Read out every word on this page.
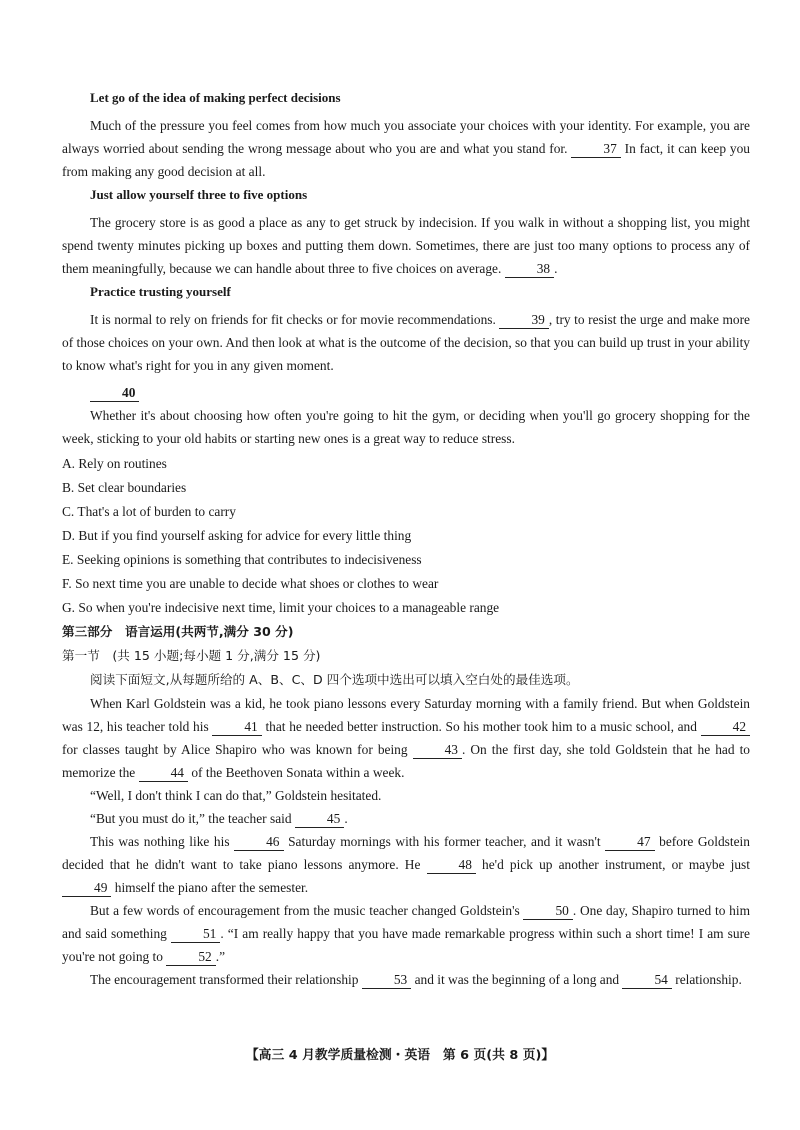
Let go of the idea of making perfect decisions

Much of the pressure you feel comes from how much you associate your choices with your identity. For example, you are always worried about sending the wrong message about who you are and what you stand for.	37 In fact, it can keep you from making any good decision at all.

Just allow yourself three to five options

The grocery store is as good a place as any to get struck by indecision. If you walk in without a shopping list, you might spend twenty minutes picking up boxes and putting them down. Sometimes, there are just too many options to process any of them meaningfully, because we can handle about three to five choices on average.	38 .

Practice trusting yourself

It is normal to rely on friends for fit checks or for movie recommendations.	39 , try to resist the urge and make more of those choices on your own. And then look at what is the outcome of the decision, so that you can build up trust in your ability to know what's right for you in any given moment.

40

Whether it's about choosing how often you're going to hit the gym, or deciding when you'll go grocery shopping for the week, sticking to your old habits or starting new ones is a great way to reduce stress.

A. Rely on routines

B. Set clear boundaries

C. That's a lot of burden to carry

D. But if you find yourself asking for advice for every little thing

E. Seeking opinions is something that contributes to indecisiveness

F. So next time you are unable to decide what shoes or clothes to wear

G. So when you're indecisive next time, limit your choices to a manageable range

第三部分　语言运用(共两节,满分 30 分)

第一节　(共 15 小题;每小题 1 分,满分 15 分)

阅读下面短文,从每题所给的 A、B、C、D 四个选项中选出可以填入空白处的最佳选项。

When Karl Goldstein was a kid, he took piano lessons every Saturday morning with a family friend. But when Goldstein was 12, his teacher told his	41 that he needed better instruction. So his mother took him to a music school, and	42 for classes taught by Alice Shapiro who was known for being	43 . On the first day, she told Goldstein that he had to memorize the	44 of the Beethoven Sonata within a week.

“Well, I don't think I can do that,” Goldstein hesitated.

“But you must do it,” the teacher said	45 .

This was nothing like his	46 Saturday mornings with his former teacher, and it wasn't	47 before Goldstein decided that he didn't want to take piano lessons anymore. He	48 he'd pick up another instrument, or maybe just 49 himself the piano after the semester.

But a few words of encouragement from the music teacher changed Goldstein's	50 . One day, Shapiro turned to him and said something	51 . “I am really happy that you have made remarkable progress within such a short time! I am sure you're not going to	52 .”

The encouragement transformed their relationship	53 and it was the beginning of a long and	54 relationship.

【高三 4 月教学质量检测・英语　第 6 页(共 8 页)】
